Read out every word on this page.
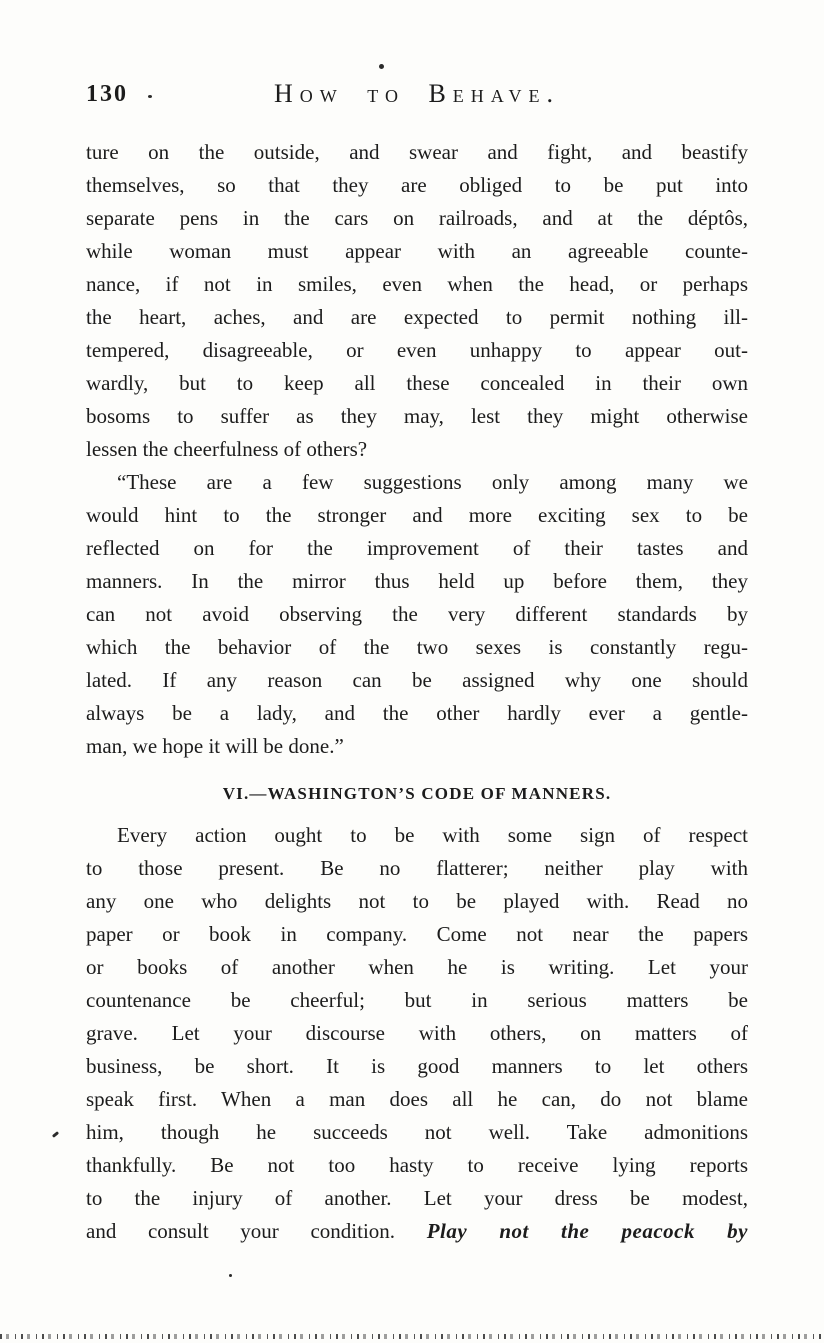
130	How to Behave.
ture on the outside, and swear and fight, and beastify
themselves, so that they are obliged to be put into
separate pens in the cars on railroads, and at the déptôs,
while woman must appear with an agreeable counte-
nance, if not in smiles, even when the head, or perhaps
the heart, aches, and are expected to permit nothing ill-
tempered, disagreeable, or even unhappy to appear out-
wardly, but to keep all these concealed in their own
bosoms to suffer as they may, lest they might otherwise
lessen the cheerfulness of others?
“These are a few suggestions only among many we
would hint to the stronger and more exciting sex to be
reflected on for the improvement of their tastes and
manners. In the mirror thus held up before them, they
can not avoid observing the very different standards by
which the behavior of the two sexes is constantly regu-
lated. If any reason can be assigned why one should
always be a lady, and the other hardly ever a gentle-
man, we hope it will be done.”
VI.—WASHINGTON’S CODE OF MANNERS.
Every action ought to be with some sign of respect
to those present. Be no flatterer; neither play with
any one who delights not to be played with. Read no
paper or book in company. Come not near the papers
or books of another when he is writing. Let your
countenance be cheerful; but in serious matters be
grave. Let your discourse with others, on matters of
business, be short. It is good manners to let others
speak first. When a man does all he can, do not blame
him, though he succeeds not well. Take admonitions
thankfully. Be not too hasty to receive lying reports
to the injury of another. Let your dress be modest,
and consult your condition. Play not the peacock by
